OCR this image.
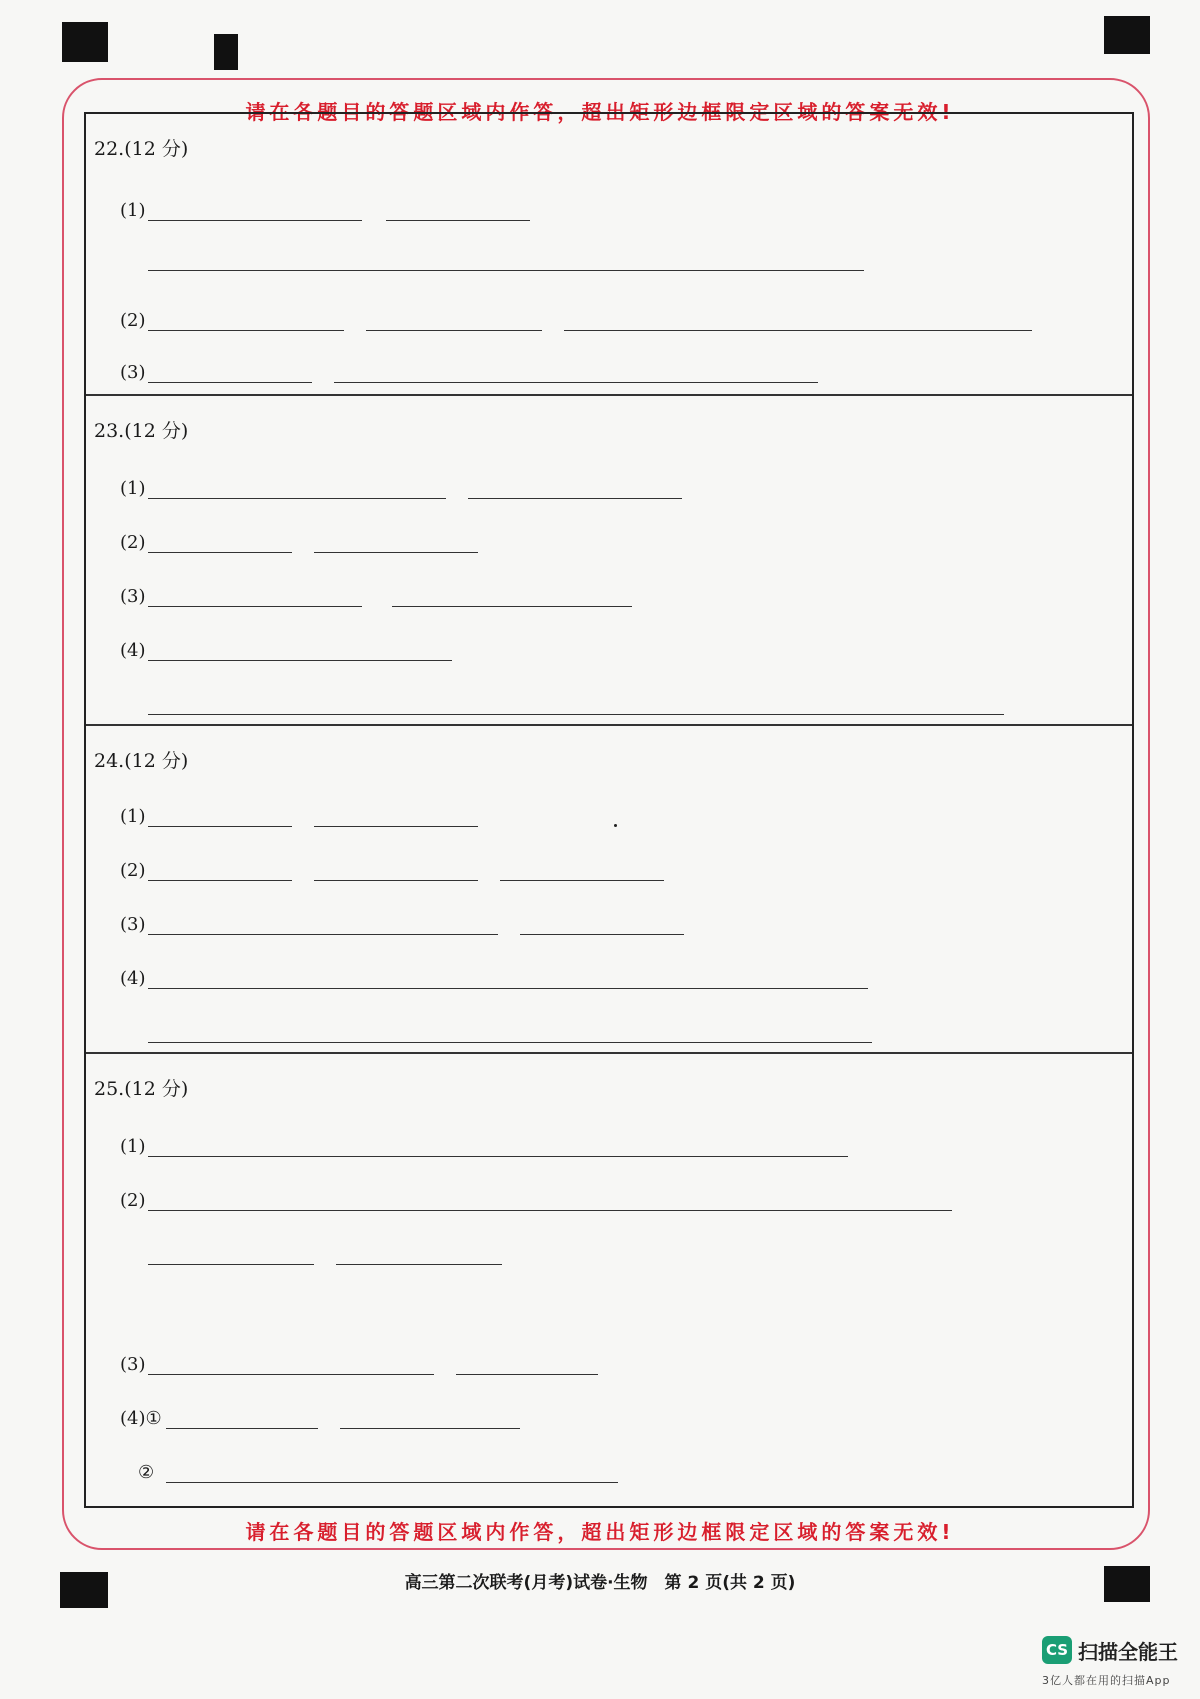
请在各题目的答题区域内作答，超出矩形边框限定区域的答案无效!
22.(12 分)
(1)
(2)
(3)
23.(12 分)
(1)
(2)
(3)
(4)
24.(12 分)
(1)
(2)
(3)
(4)
25.(12 分)
(1)
(2)
(3)
(4)①
②
请在各题目的答题区域内作答，超出矩形边框限定区域的答案无效!
高三第二次联考(月考)试卷·生物　第 2 页(共 2 页)
CS 扫描全能王
3亿人都在用的扫描App
